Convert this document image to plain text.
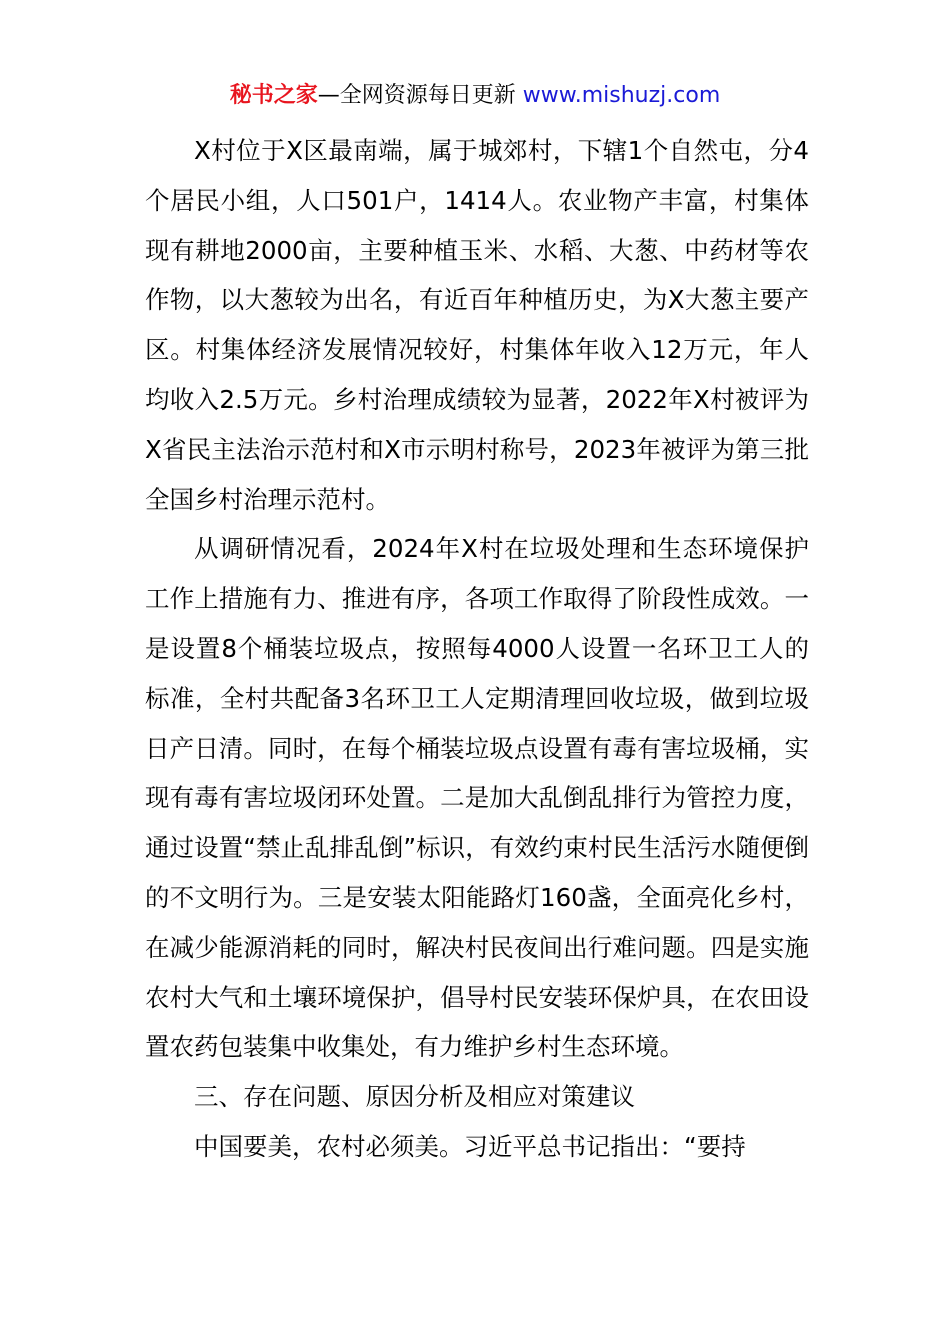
秘书之家—全网资源每日更新 www.mishuzj.com

X村位于X区最南端，属于城郊村，下辖1个自然屯，分4个居民小组，人口501户，1414人。农业物产丰富，村集体现有耕地2000亩，主要种植玉米、水稻、大葱、中药材等农作物，以大葱较为出名，有近百年种植历史，为X大葱主要产区。村集体经济发展情况较好，村集体年收入12万元，年人均收入2.5万元。乡村治理成绩较为显著，2022年X村被评为X省民主法治示范村和X市示明村称号，2023年被评为第三批全国乡村治理示范村。

从调研情况看，2024年X村在垃圾处理和生态环境保护工作上措施有力、推进有序，各项工作取得了阶段性成效。一是设置8个桶装垃圾点，按照每4000人设置一名环卫工人的标准，全村共配备3名环卫工人定期清理回收垃圾，做到垃圾日产日清。同时，在每个桶装垃圾点设置有毒有害垃圾桶，实现有毒有害垃圾闭环处置。二是加大乱倒乱排行为管控力度，通过设置“禁止乱排乱倒”标识，有效约束村民生活污水随便倒的不文明行为。三是安装太阳能路灯160盏，全面亮化乡村，在减少能源消耗的同时，解决村民夜间出行难问题。四是实施农村大气和土壤环境保护，倡导村民安装环保炉具，在农田设置农药包装集中收集处，有力维护乡村生态环境。

三、存在问题、原因分析及相应对策建议

中国要美，农村必须美。习近平总书记指出：“要持
